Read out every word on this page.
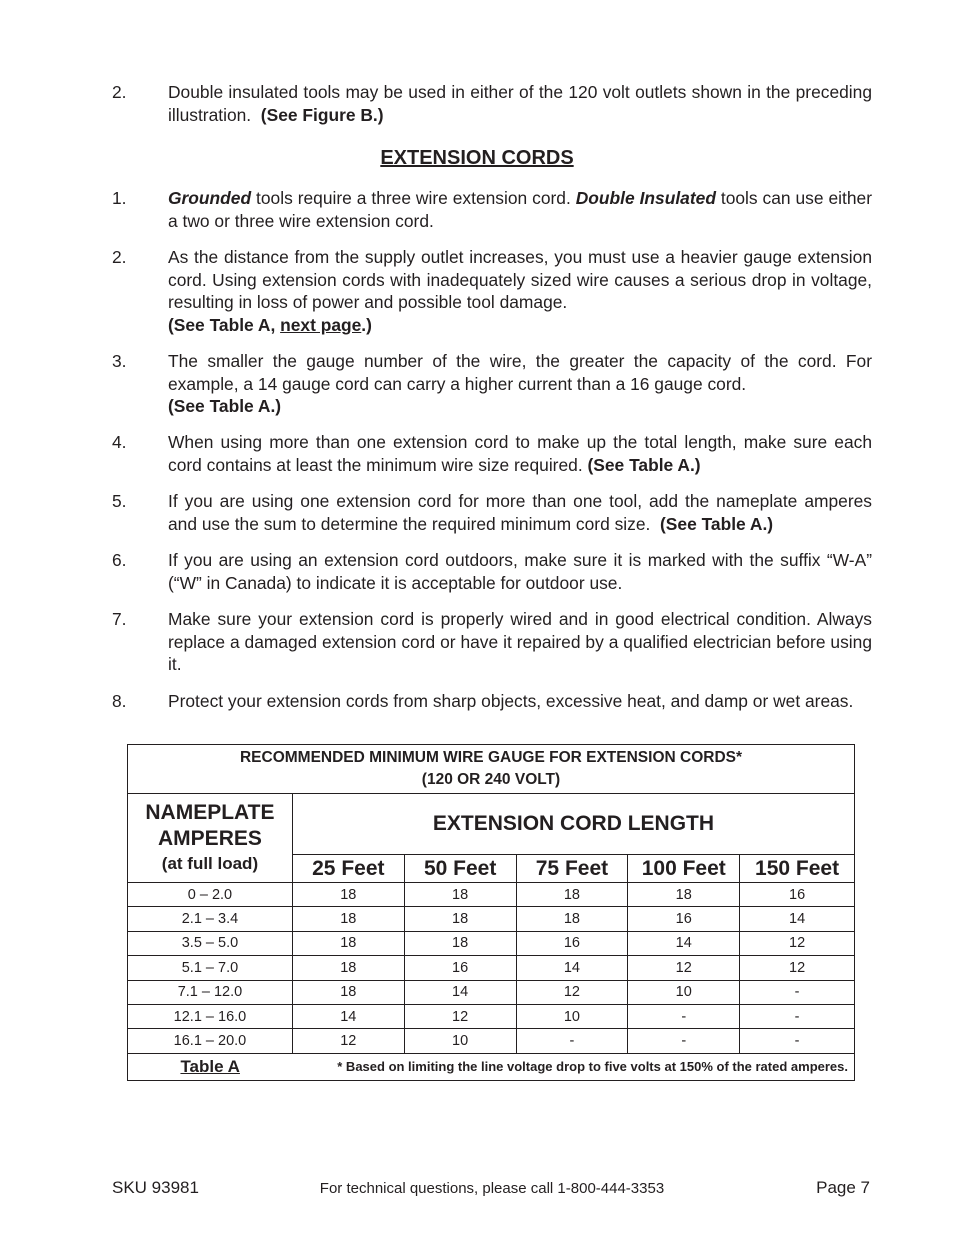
2. Double insulated tools may be used in either of the 120 volt outlets shown in the preceding illustration. (See Figure B.)
EXTENSION CORDS
1. Grounded tools require a three wire extension cord. Double Insulated tools can use either a two or three wire extension cord.
2. As the distance from the supply outlet increases, you must use a heavier gauge extension cord. Using extension cords with inadequately sized wire causes a serious drop in voltage, resulting in loss of power and possible tool damage.
(See Table A, next page.)
3. The smaller the gauge number of the wire, the greater the capacity of the cord. For example, a 14 gauge cord can carry a higher current than a 16 gauge cord.
(See Table A.)
4. When using more than one extension cord to make up the total length, make sure each cord contains at least the minimum wire size required. (See Table A.)
5. If you are using one extension cord for more than one tool, add the nameplate amperes and use the sum to determine the required minimum cord size. (See Table A.)
6. If you are using an extension cord outdoors, make sure it is marked with the suffix “W-A” (“W” in Canada) to indicate it is acceptable for outdoor use.
7. Make sure your extension cord is properly wired and in good electrical condition. Always replace a damaged extension cord or have it repaired by a qualified electrician before using it.
8. Protect your extension cords from sharp objects, excessive heat, and damp or wet areas.
RECOMMENDED MINIMUM WIRE GAUGE FOR EXTENSION CORDS*
(120 OR 240 VOLT)					

NAMEPLATE
AMPERES
(at full load)	EXTENSION CORD LENGTH				
	25 Feet	50 Feet	75 Feet	100 Feet	150 Feet
0 – 2.0	18	18	18	18	16
2.1 – 3.4	18	18	18	16	14
3.5 – 5.0	18	18	16	14	12
5.1 – 7.0	18	16	14	12	12
7.1 – 12.0	18	14	12	10	-
12.1 – 16.0	14	12	10	-	-
16.1 – 20.0	12	10	-	-	-
Table A	* Based on limiting the line voltage drop to five volts at 150% of the rated amperes.				
SKU 93981	For technical questions, please call 1-800-444-3353	Page 7
